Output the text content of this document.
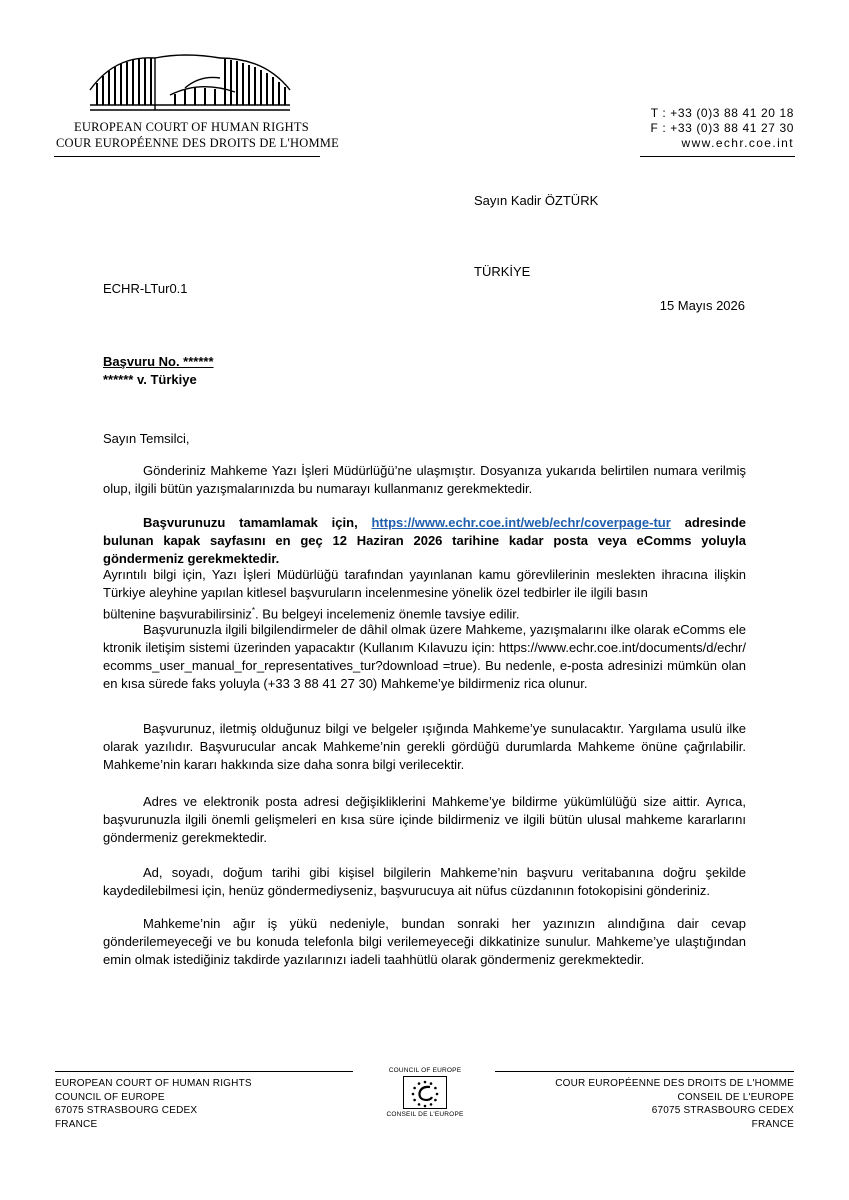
EUROPEAN COURT OF HUMAN RIGHTS
COUR EUROPÉENNE DES DROITS DE L'HOMME
T : +33 (0)3 88 41 20 18
F : +33 (0)3 88 41 27 30
www.echr.coe.int
Sayın Kadir ÖZTÜRK
TÜRKİYE
ECHR-LTur0.1
15 Mayıs 2026
Başvuru No. ******
****** v. Türkiye
Sayın Temsilci,

Gönderiniz Mahkeme Yazı İşleri Müdürlüğü’ne ulaşmıştır. Dosyanıza yukarıda belirtilen numara verilmiş olup, ilgili bütün yazışmalarınızda bu numarayı kullanmanız gerekmektedir.

Başvurunuzu tamamlamak için, https://www.echr.coe.int/web/echr/coverpage-tur adresinde bulunan kapak sayfasını en geç 12 Haziran 2026 tarihine kadar posta veya eComms yoluyla göndermeniz gerekmektedir.

Ayrıntılı bilgi için, Yazı İşleri Müdürlüğü tarafından yayınlanan kamu görevlilerinin meslekten ihracına ilişkin
Türkiye aleyhine yapılan kitlesel başvuruların incelenmesine yönelik özel tedbirler ile ilgili basın
bültenine başvurabilirsiniz*. Bu belgeyi incelemeniz önemle tavsiye edilir.

Başvurunuzla ilgili bilgilendirmeler de dâhil olmak üzere Mahkeme, yazışmalarını ilke olarak eComms elektronik iletişim sistemi üzerinden yapacaktır (Kullanım Kılavuzu için: https://www.echr.coe.int/documents/d/echr/ecomms_user_manual_for_representatives_tur?download =true). Bu nedenle, e-posta adresinizi mümkün olan en kısa sürede faks yoluyla (+33 3 88 41 27 30) Mahkeme’ye bildirmeniz rica olunur.

Başvurunuz, iletmiş olduğunuz bilgi ve belgeler ışığında Mahkeme’ye sunulacaktır. Yargılama usulü ilke olarak yazılıdır. Başvurucular ancak Mahkeme’nin gerekli gördüğü durumlarda Mahkeme önüne çağrılabilir. Mahkeme’nin kararı hakkında size daha sonra bilgi verilecektir.

Adres ve elektronik posta adresi değişikliklerini Mahkeme’ye bildirme yükümlülüğü size aittir. Ayrıca, başvurunuzla ilgili önemli gelişmeleri en kısa süre içinde bildirmeniz ve ilgili bütün ulusal mahkeme kararlarını göndermeniz gerekmektedir.

Ad, soyadı, doğum tarihi gibi kişisel bilgilerin Mahkeme’nin başvuru veritabanına doğru şekilde kaydedilebilmesi için, henüz göndermediyseniz, başvurucuya ait nüfus cüzdanının fotokopisini gönderiniz.

Mahkeme’nin ağır iş yükü nedeniyle, bundan sonraki her yazınızın alındığına dair cevap gönderilemeyeceği ve bu konuda telefonla bilgi verilemeyeceği dikkatinize sunulur. Mahkeme’ye ulaştığından emin olmak istediğiniz takdirde yazılarınızı iadeli taahhütlü olarak göndermeniz gerekmektedir.

EUROPEAN COURT OF HUMAN RIGHTS
COUNCIL OF EUROPE
67075 STRASBOURG CEDEX
FRANCE
COUNCIL OF EUROPE
CONSEIL DE L'EUROPE
COUR EUROPÉENNE DES DROITS DE L'HOMME
CONSEIL DE L'EUROPE
67075 STRASBOURG CEDEX
FRANCE
